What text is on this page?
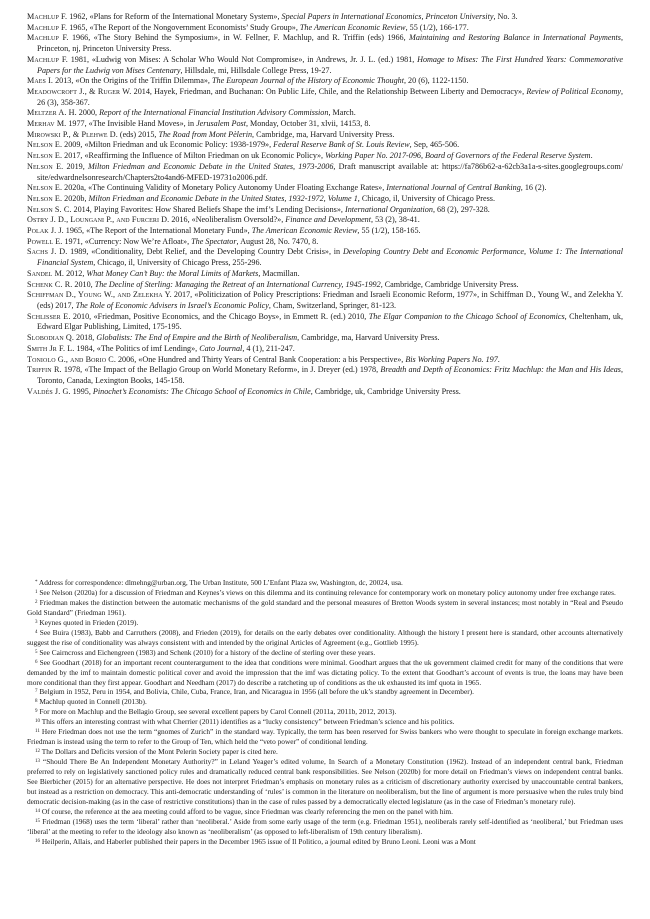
Machlup F. 1962, «Plans for Reform of the International Monetary System», Special Papers in International Economics, Princeton University, No. 3.

Machlup F. 1965, «The Report of the Nongovernment Economists’ Study Group», The American Economic Review, 55 (1/2), 166-177.

Machlup F. 1966, «The Story Behind the Symposium», in W. Fellner, F. Machlup, and R. Triffin (eds) 1966, Maintaining and Restoring Balance in International Payments, Princeton, nj, Princeton University Press.

Machlup F. 1981, «Ludwig von Mises: A Scholar Who Would Not Compromise», in Andrews, Jr. J. L. (ed.) 1981, Homage to Mises: The First Hundred Years: Commemorative Papers for the Ludwig von Mises Centenary, Hillsdale, mi, Hillsdale College Press, 19-27.

Maes I. 2013, «On the Origins of the Triffin Dilemma», The European Journal of the History of Economic Thought, 20 (6), 1122-1150.

Meadowcroft J., & Ruger W. 2014, Hayek, Friedman, and Buchanan: On Public Life, Chile, and the Relationship Between Liberty and Democracy», Review of Political Economy, 26 (3), 358-367.

Meltzer A. H. 2000, Report of the International Financial Institution Advisory Commission, March.

Merhav M. 1977, «The Invisible Hand Moves», in Jerusalem Post, Monday, October 31, xlvii, 14153, 8.

Mirowski P., & Plehwe D. (eds) 2015, The Road from Mont Pèlerin, Cambridge, ma, Harvard University Press.

Nelson E. 2009, «Milton Friedman and uk Economic Policy: 1938-1979», Federal Reserve Bank of St. Louis Review, Sep, 465-506.

Nelson E. 2017, «Reaffirming the Influence of Milton Friedman on uk Economic Policy», Working Paper No. 2017-096, Board of Governors of the Federal Reserve System.

Nelson E. 2019, Milton Friedman and Economic Debate in the United States, 1973-2006, Draft manuscript available at: https://fa786b62-a-62cb3a1a-s-sites.googlegroups.com/ site/edwardnelsonresearch/Chapters2to4and6-MFED-19731o2006.pdf.

Nelson E. 2020a, «The Continuing Validity of Monetary Policy Autonomy Under Floating Exchange Rates», International Journal of Central Banking, 16 (2).

Nelson E. 2020b, Milton Friedman and Economic Debate in the United States, 1932-1972, Volume 1, Chicago, il, University of Chicago Press.

Nelson S. C. 2014, Playing Favorites: How Shared Beliefs Shape the imf’s Lending Decisions», International Organization, 68 (2), 297-328.

Ostry J. D., Loungani P., and Furceri D. 2016, «Neoliberalism Oversold?», Finance and Development, 53 (2), 38-41.

Polak J. J. 1965, «The Report of the International Monetary Fund», The American Economic Review, 55 (1/2), 158-165.

Powell E. 1971, «Currency: Now We’re Afloat», The Spectator, August 28, No. 7470, 8.

Sachs J. D. 1989, «Conditionality, Debt Relief, and the Developing Country Debt Crisis», in Developing Country Debt and Economic Performance, Volume 1: The International Financial System, Chicago, il, University of Chicago Press, 255-296.

Sandel M. 2012, What Money Can’t Buy: the Moral Limits of Markets, Macmillan.

Schenk C. R. 2010, The Decline of Sterling: Managing the Retreat of an International Currency, 1945-1992, Cambridge, Cambridge University Press.

Schiffman D., Young W., and Zelekha Y. 2017, «Politicization of Policy Prescriptions: Friedman and Israeli Economic Reform, 1977», in Schiffman D., Young W., and Zelekha Y. (eds) 2017, The Role of Economic Advisers in Israel’s Economic Policy, Cham, Switzerland, Springer, 81-123.

Schlisser E. 2010, «Friedman, Positive Economics, and the Chicago Boys», in Emmett R. (ed.) 2010, The Elgar Companion to the Chicago School of Economics, Cheltenham, uk, Edward Elgar Publishing, Limited, 175-195.

Slobodian Q. 2018, Globalists: The End of Empire and the Birth of Neoliberalism, Cambridge, ma, Harvard University Press.

Smith Jr F. L. 1984, «The Politics of imf Lending», Cato Journal, 4 (1), 211-247.

Toniolo G., and Borio C. 2006, «One Hundred and Thirty Years of Central Bank Cooperation: a bis Perspective», Bis Working Papers No. 197.

Triffin R. 1978, «The Impact of the Bellagio Group on World Monetary Reform», in J. Dreyer (ed.) 1978, Breadth and Depth of Economics: Fritz Machlup: the Man and His Ideas, Toronto, Canada, Lexington Books, 145-158.

Valdés J. G. 1995, Pinochet’s Economists: The Chicago School of Economics in Chile, Cambridge, uk, Cambridge University Press.

* Address for correspondence: dlmehng@urban.org, The Urban Institute, 500 L’Enfant Plaza sw, Washington, dc, 20024, usa.

$^1$ See Nelson (2020a) for a discussion of Friedman and Keynes’s views on this dilemma and its continuing relevance for contemporary work on monetary policy autonomy under free exchange rates.

$^2$ Friedman makes the distinction between the automatic mechanisms of the gold standard and the personal measures of Bretton Woods system in several instances; most notably in “Real and Pseudo Gold Standard” (Friedman 1961).

$^3$ Keynes quoted in Frieden (2019).

$^4$ See Buira (1983), Babb and Carruthers (2008), and Frieden (2019), for details on the early debates over conditionality. Although the history I present here is standard, other accounts alternatively suggest the rise of conditionality was always consistent with and intended by the original Articles of Agreement (e.g., Gottlieb 1995).

$^5$ See Cairncross and Eichengreen (1983) and Schenk (2010) for a history of the decline of sterling over these years.

$^6$ See Goodhart (2018) for an important recent counterargument to the idea that conditions were minimal. Goodhart argues that the uk government claimed credit for many of the conditions that were demanded by the imf to maintain domestic political cover and avoid the impression that the imf was dictating policy. To the extent that Goodhart’s account of events is true, the loans may have been more conditional than they first appear. Goodhart and Needham (2017) do describe a ratcheting up of conditions as the uk exhausted its imf quota in 1965.

$^7$ Belgium in 1952, Peru in 1954, and Bolivia, Chile, Cuba, France, Iran, and Nicaragua in 1956 (all before the uk’s standby agreement in December).

$^8$ Machlup quoted in Connell (2013b).

$^9$ For more on Machlup and the Bellagio Group, see several excellent papers by Carol Connell (2011a, 2011b, 2012, 2013).

$^{10}$ This offers an interesting contrast with what Cherrier (2011) identifies as a “lucky consistency” between Friedman’s science and his politics.

$^{11}$ Here Friedman does not use the term “gnomes of Zurich” in the standard way. Typically, the term has been reserved for Swiss bankers who were thought to speculate in foreign exchange markets. Friedman is instead using the term to refer to the Group of Ten, which held the “veto power” of conditional lending.

$^{12}$ The Dollars and Deficits version of the Mont Pelerin Society paper is cited here.

$^{13}$ “Should There Be An Independent Monetary Authority?” in Leland Yeager’s edited volume, In Search of a Monetary Constitution (1962). Instead of an independent central bank, Friedman preferred to rely on legislatively sanctioned policy rules and dramatically reduced central bank responsibilities. See Nelson (2020b) for more detail on Friedman’s views on independent central banks. See Bierbicher (2015) for an alternative perspective. He does not interpret Friedman’s emphasis on monetary rules as a criticism of discretionary authority exercised by unaccountable central bankers, but instead as a restriction on democracy. This anti-democratic understanding of ‘rules’ is common in the literature on neoliberalism, but the line of argument is more persuasive when the rules truly bind democratic decision-making (as in the case of restrictive constitutions) than in the case of rules passed by a democratically elected legislature (as in the case of Friedman’s monetary rule).

$^{14}$ Of course, the reference at the aea meeting could afford to be vague, since Friedman was clearly referencing the men on the panel with him.

$^{15}$ Friedman (1968) uses the term ‘liberal’ rather than ‘neoliberal.’ Aside from some early usage of the term (e.g. Friedman 1951), neoliberals rarely self-identified as ‘neoliberal,’ but Friedman uses ‘liberal’ at the meeting to refer to the ideology also known as ‘neoliberalism’ (as opposed to left-liberalism of 19th century liberalism).

$^{16}$ Heilperin, Allais, and Haberler published their papers in the December 1965 issue of Il Politico, a journal edited by Bruno Leoni. Leoni was a Mont
